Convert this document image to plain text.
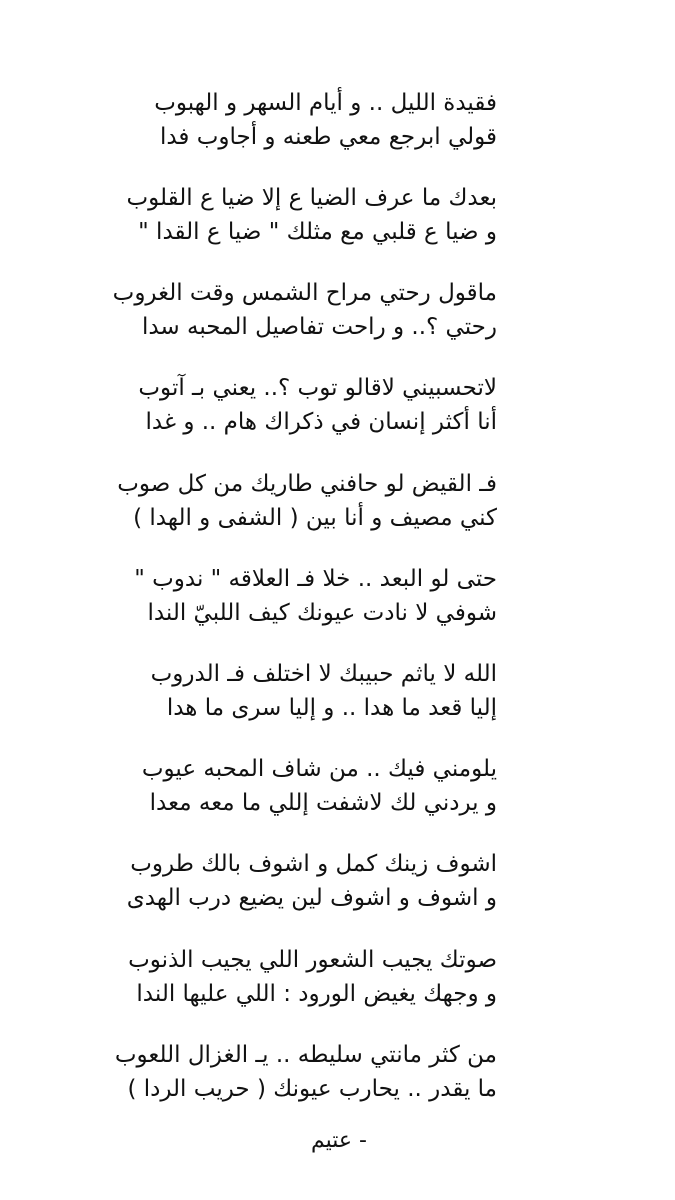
فقيدة الليل .. و أيام السهر و الهبوب
قولي ابرجع معي طعنه و أجاوب فدا
بعدك ما عرف الضيا ع إلا ضيا ع القلوب
و ضيا ع قلبي مع مثلك " ضيا ع القدا "
ماقول رحتي مراح الشمس وقت الغروب
رحتي ؟.. و راحت تفاصيل المحبه سدا
لاتحسبيني لاقالو توب ؟.. يعني بـ آتوب
أنا أكثر إنسان في ذكراك هام .. و غدا
فـ القيض لو حافني طاريك من كل صوب
كني مصيف و أنا بين ( الشفى و الهدا )
حتى لو البعد .. خلا فـ العلاقه " ندوب "
شوفي لا نادت عيونك كيف اللبيّ الندا
الله لا ياثم حبيبك لا اختلف فـ الدروب
إليا قعد ما هدا .. و إليا سرى ما هدا
يلومني فيك .. من شاف المحبه عيوب
و يردني لك لاشفت إللي ما معه معدا
اشوف زينك كمل و اشوف بالك طروب
و اشوف و اشوف لين يضيع درب الهدى
صوتك يجيب الشعور اللي يجيب الذنوب
و وجهك يغيض الورود : اللي عليها الندا
من كثر مانتي سليطه .. يـ الغزال اللعوب
ما يقدر .. يحارب عيونك ( حريب الردا )
- عتيم
